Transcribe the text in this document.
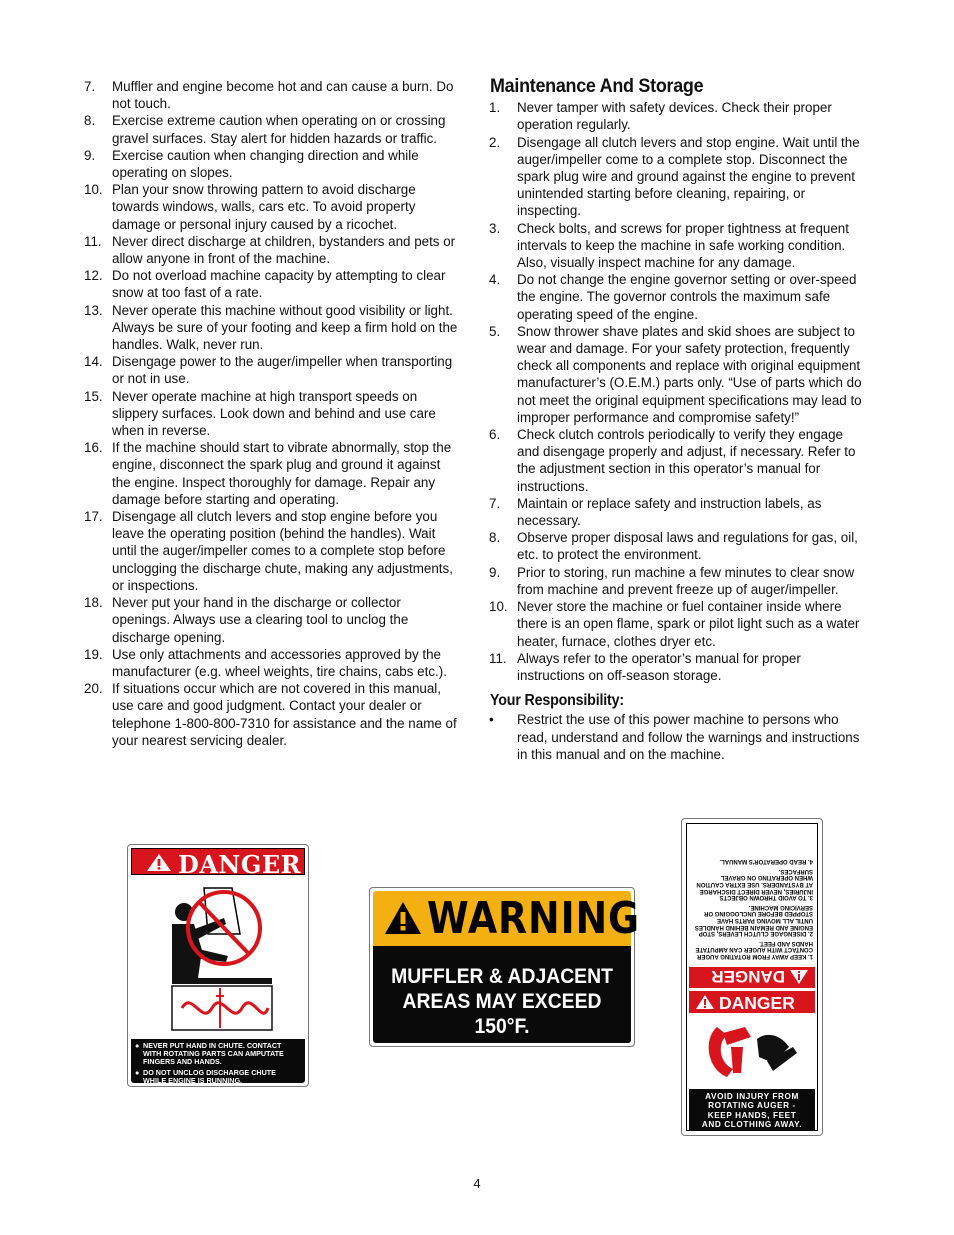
7. Muffler and engine become hot and can cause a burn. Do not touch.
8. Exercise extreme caution when operating on or crossing gravel surfaces. Stay alert for hidden hazards or traffic.
9. Exercise caution when changing direction and while operating on slopes.
10. Plan your snow throwing pattern to avoid discharge towards windows, walls, cars etc. To avoid property damage or personal injury caused by a ricochet.
11. Never direct discharge at children, bystanders and pets or allow anyone in front of the machine.
12. Do not overload machine capacity by attempting to clear snow at too fast of a rate.
13. Never operate this machine without good visibility or light. Always be sure of your footing and keep a firm hold on the handles. Walk, never run.
14. Disengage power to the auger/impeller when transporting or not in use.
15. Never operate machine at high transport speeds on slippery surfaces. Look down and behind and use care when in reverse.
16. If the machine should start to vibrate abnormally, stop the engine, disconnect the spark plug and ground it against the engine. Inspect thoroughly for damage. Repair any damage before starting and operating.
17. Disengage all clutch levers and stop engine before you leave the operating position (behind the handles). Wait until the auger/impeller comes to a complete stop before unclogging the discharge chute, making any adjustments, or inspections.
18. Never put your hand in the discharge or collector openings. Always use a clearing tool to unclog the discharge opening.
19. Use only attachments and accessories approved by the manufacturer (e.g. wheel weights, tire chains, cabs etc.).
20. If situations occur which are not covered in this manual, use care and good judgment. Contact your dealer or telephone 1-800-800-7310 for assistance and the name of your nearest servicing dealer.
Maintenance And Storage
1. Never tamper with safety devices. Check their proper operation regularly.
2. Disengage all clutch levers and stop engine. Wait until the auger/impeller come to a complete stop. Disconnect the spark plug wire and ground against the engine to prevent unintended starting before cleaning, repairing, or inspecting.
3. Check bolts, and screws for proper tightness at frequent intervals to keep the machine in safe working condition. Also, visually inspect machine for any damage.
4. Do not change the engine governor setting or over-speed the engine. The governor controls the maximum safe operating speed of the engine.
5. Snow thrower shave plates and skid shoes are subject to wear and damage. For your safety protection, frequently check all components and replace with original equipment manufacturer’s (O.E.M.) parts only. “Use of parts which do not meet the original equipment specifications may lead to improper performance and compromise safety!”
6. Check clutch controls periodically to verify they engage and disengage properly and adjust, if necessary. Refer to the adjustment section in this operator’s manual for instructions.
7. Maintain or replace safety and instruction labels, as necessary.
8. Observe proper disposal laws and regulations for gas, oil, etc. to protect the environment.
9. Prior to storing, run machine a few minutes to clear snow from machine and prevent freeze up of auger/impeller.
10. Never store the machine or fuel container inside where there is an open flame, spark or pilot light such as a water heater, furnace, clothes dryer etc.
11. Always refer to the operator’s manual for proper instructions on off-season storage.
Your Responsibility:
• Restrict the use of this power machine to persons who read, understand and follow the warnings and instructions in this manual and on the machine.
DANGER
● NEVER PUT HAND IN CHUTE. CONTACT WITH ROTATING PARTS CAN AMPUTATE FINGERS AND HANDS.
● DO NOT UNCLOG DISCHARGE CHUTE WHILE ENGINE IS RUNNING.
● SHUT OFF ENGINE AND REMAIN BEHIND HANDLES UNTIL ALL MOVING PARTS HAVE STOPPED BEFORE UNCLOGGING.
WARNING
MUFFLER & ADJACENT
AREAS MAY EXCEED
150°F.
DANGER
1. KEEP AWAY FROM ROTATING AUGER CONTACT WITH AUGER CAN AMPUTATE HANDS AND FEET.
2. DISENGAGE CLUTCH LEVERS, STOP ENGINE AND REMAIN BEHIND HANDLES UNTIL ALL MOVING PARTS HAVE STOPPED BEFORE UNCLOGGING OR SERVICING MACHINE.
3. TO AVOID THROWN OBJECTS INJURIES, NEVER DIRECT DISCHARGE AT BYSTANDERS. USE EXTRA CAUTION WHEN OPERATING ON GRAVEL SURFACES.
4. READ OPERATOR'S MANUAL.
DANGER
AVOID INJURY FROM
ROTATING AUGER -
KEEP HANDS, FEET
AND CLOTHING AWAY.
4
